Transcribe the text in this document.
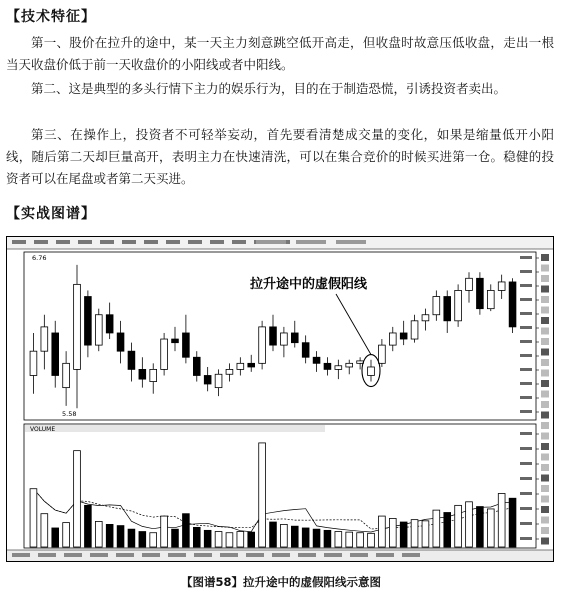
【技术特征】
第一、股价在拉升的途中，某一天主力刻意跳空低开高走，但收盘时故意压低收盘，走出一根当天收盘价低于前一天收盘价的小阳线或者中阳线。
第二、这是典型的多头行情下主力的娱乐行为，目的在于制造恐慌，引诱投资者卖出。
第三、在操作上，投资者不可轻举妄动，首先要看清楚成交量的变化，如果是缩量低开小阳线，随后第二天却巨量高开，表明主力在快速清洗，可以在集合竞价的时候买进第一仓。稳健的投资者可以在尾盘或者第二天买进。
【实战图谱】
VOLUME
6.76
5.58
拉升途中的虚假阳线
【图谱58】拉升途中的虚假阳线示意图
